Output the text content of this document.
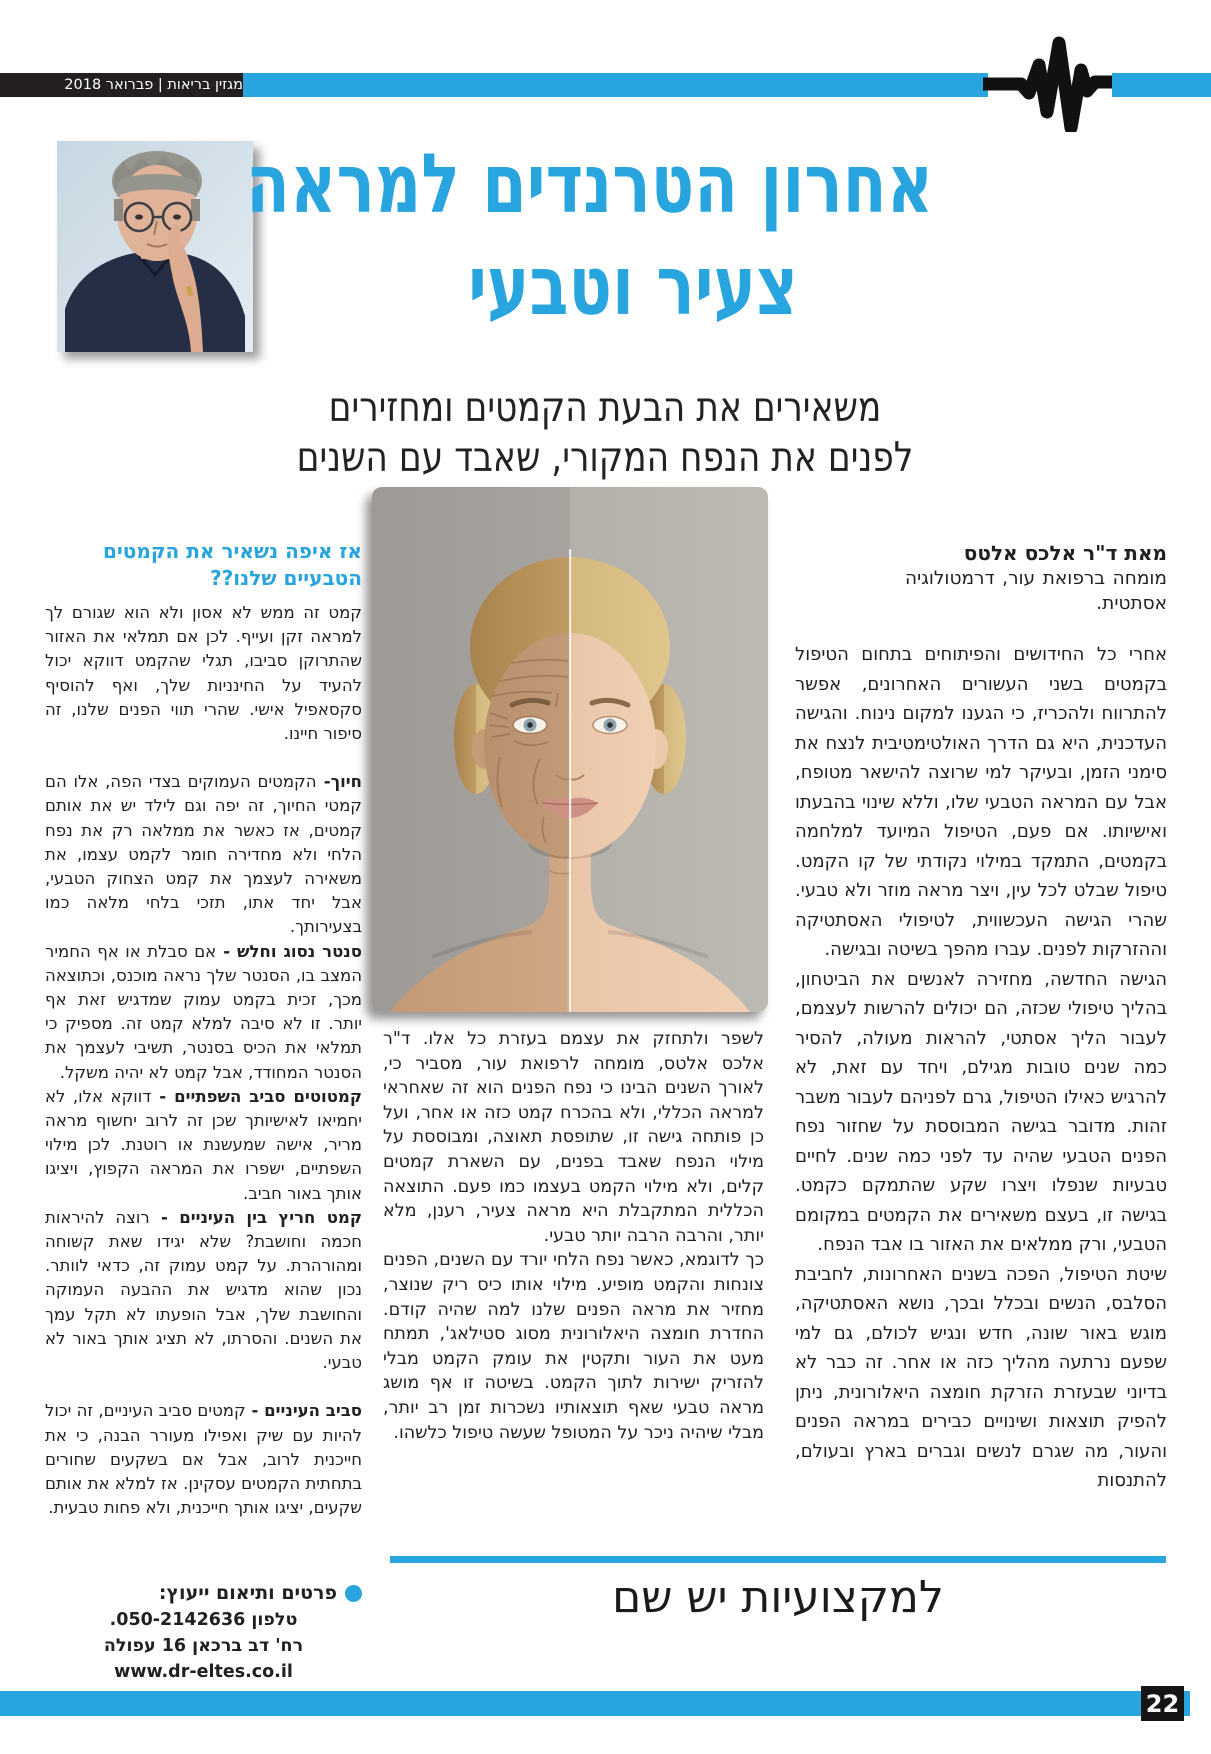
מגזין בריאות | פברואר 2018
אחרון הטרנדים למראה
צעיר וטבעי
משאירים את הבעת הקמטים ומחזירים
לפנים את הנפח המקורי, שאבד עם השנים
מאת ד"ר אלכס אלטס
מומחה ברפואת עור, דרמטולוגיה אסתטית.

אחרי כל החידושים והפיתוחים בתחום הטיפול בקמטים בשני העשורים האחרונים, אפשר להתרווח ולהכריז, כי הגענו למקום נינוח. והגישה העדכנית, היא גם הדרך האולטימטיבית לנצח את סימני הזמן, ובעיקר למי שרוצה להישאר מטופח, אבל עם המראה הטבעי שלו, וללא שינוי בהבעתו ואישיותו. אם פעם, הטיפול המיועד למלחמה בקמטים, התמקד במילוי נקודתי של קו הקמט. טיפול שבלט לכל עין, ויצר מראה מוזר ולא טבעי. שהרי הגישה העכשווית, לטיפולי האסתטיקה וההזרקות לפנים. עברו מהפך בשיטה ובגישה.

הגישה החדשה, מחזירה לאנשים את הביטחון, בהליך טיפולי שכזה, הם יכולים להרשות לעצמם, לעבור הליך אסתטי, להראות מעולה, להסיר כמה שנים טובות מגילם, ויחד עם זאת, לא להרגיש כאילו הטיפול, גרם לפניהם לעבור משבר זהות. מדובר בגישה המבוססת על שחזור נפח הפנים הטבעי שהיה עד לפני כמה שנים. לחיים טבעיות שנפלו ויצרו שקע שהתמקם כקמט. בגישה זו, בעצם משאירים את הקמטים במקומם הטבעי, ורק ממלאים את האזור בו אבד הנפח.

שיטת הטיפול, הפכה בשנים האחרונות, לחביבת הסלבס, הנשים ובכלל ובכך, נושא האסתטיקה, מוגש באור שונה, חדש ונגיש לכולם, גם למי שפעם נרתעה מהליך כזה או אחר. זה כבר לא בדיוני שבעזרת הזרקת חומצה היאלורונית, ניתן להפיק תוצאות ושינויים כבירים במראה הפנים והעור, מה שגרם לנשים וגברים בארץ ובעולם, להתנסות

לשפר ולתחזק את עצמם בעזרת כל אלו. ד"ר אלכס אלטס, מומחה לרפואת עור, מסביר כי, לאורך השנים הבינו כי נפח הפנים הוא זה שאחראי למראה הכללי, ולא בהכרח קמט כזה או אחר, ועל כן פותחה גישה זו, שתופסת תאוצה, ומבוססת על מילוי הנפח שאבד בפנים, עם השארת קמטים קלים, ולא מילוי הקמט בעצמו כמו פעם. התוצאה הכללית המתקבלת היא מראה צעיר, רענן, מלא יותר, והרבה הרבה יותר טבעי.

כך לדוגמא, כאשר נפח הלחי יורד עם השנים, הפנים צונחות והקמט מופיע. מילוי אותו כיס ריק שנוצר, מחזיר את מראה הפנים שלנו למה שהיה קודם. החדרת חומצה היאלורונית מסוג סטילאג', תמתח מעט את העור ותקטין את עומק הקמט מבלי להזריק ישירות לתוך הקמט. בשיטה זו אף מושג מראה טבעי שאף תוצאותיו נשכרות זמן רב יותר, מבלי שיהיה ניכר על המטופל שעשה טיפול כלשהו.

אז איפה נשאיר את הקמטים הטבעיים שלנו??

קמט זה ממש לא אסון ולא הוא שגורם לך למראה זקן ועייף. לכן אם תמלאי את האזור שהתרוקן סביבו, תגלי שהקמט דווקא יכול להעיד על החינניות שלך, ואף להוסיף סקסאפיל אישי. שהרי תווי הפנים שלנו, זה סיפור חיינו.

חיוך- הקמטים העמוקים בצדי הפה, אלו הם קמטי החיוך, זה יפה וגם לילד יש את אותם קמטים, אז כאשר את ממלאה רק את נפח הלחי ולא מחדירה חומר לקמט עצמו, את משאירה לעצמך את קמט הצחוק הטבעי, אבל יחד אתו, תזכי בלחי מלאה כמו בצעירותך.

סנטר נסוג וחלש - אם סבלת או אף החמיר המצב בו, הסנטר שלך נראה מוכנס, וכתוצאה מכך, זכית בקמט עמוק שמדגיש זאת אף יותר. זו לא סיבה למלא קמט זה. מספיק כי תמלאי את הכיס בסנטר, תשיבי לעצמך את הסנטר המחודד, אבל קמט לא יהיה משקל.

קמטוטים סביב השפתיים - דווקא אלו, לא יחמיאו לאישיותך שכן זה לרוב יחשוף מראה מריר, אישה שמעשנת או רוטנת. לכן מילוי השפתיים, ישפרו את המראה הקפוץ, ויציגו אותך באור חביב.

קמט חריץ בין העיניים - רוצה להיראות חכמה וחושבת? שלא יגידו שאת קשוחה ומהורהרת. על קמט עמוק זה, כדאי לוותר. נכון שהוא מדגיש את ההבעה העמוקה והחושבת שלך, אבל הופעתו לא תקל עמך את השנים. והסרתו, לא תציג אותך באור לא טבעי.

סביב העיניים - קמטים סביב העיניים, זה יכול להיות עם שיק ואפילו מעורר הבנה, כי את חייכנית לרוב, אבל אם בשקעים שחורים בתחתית הקמטים עסקינן. אז למלא את אותם שקעים, יציגו אותך חייכנית, ולא פחות טבעית.

פרטים ותיאום ייעוץ:
טלפון 050-2142636.
רח' דב ברכאן 16 עפולה
www.dr-eltes.co.il
למקצועיות יש שם
22
